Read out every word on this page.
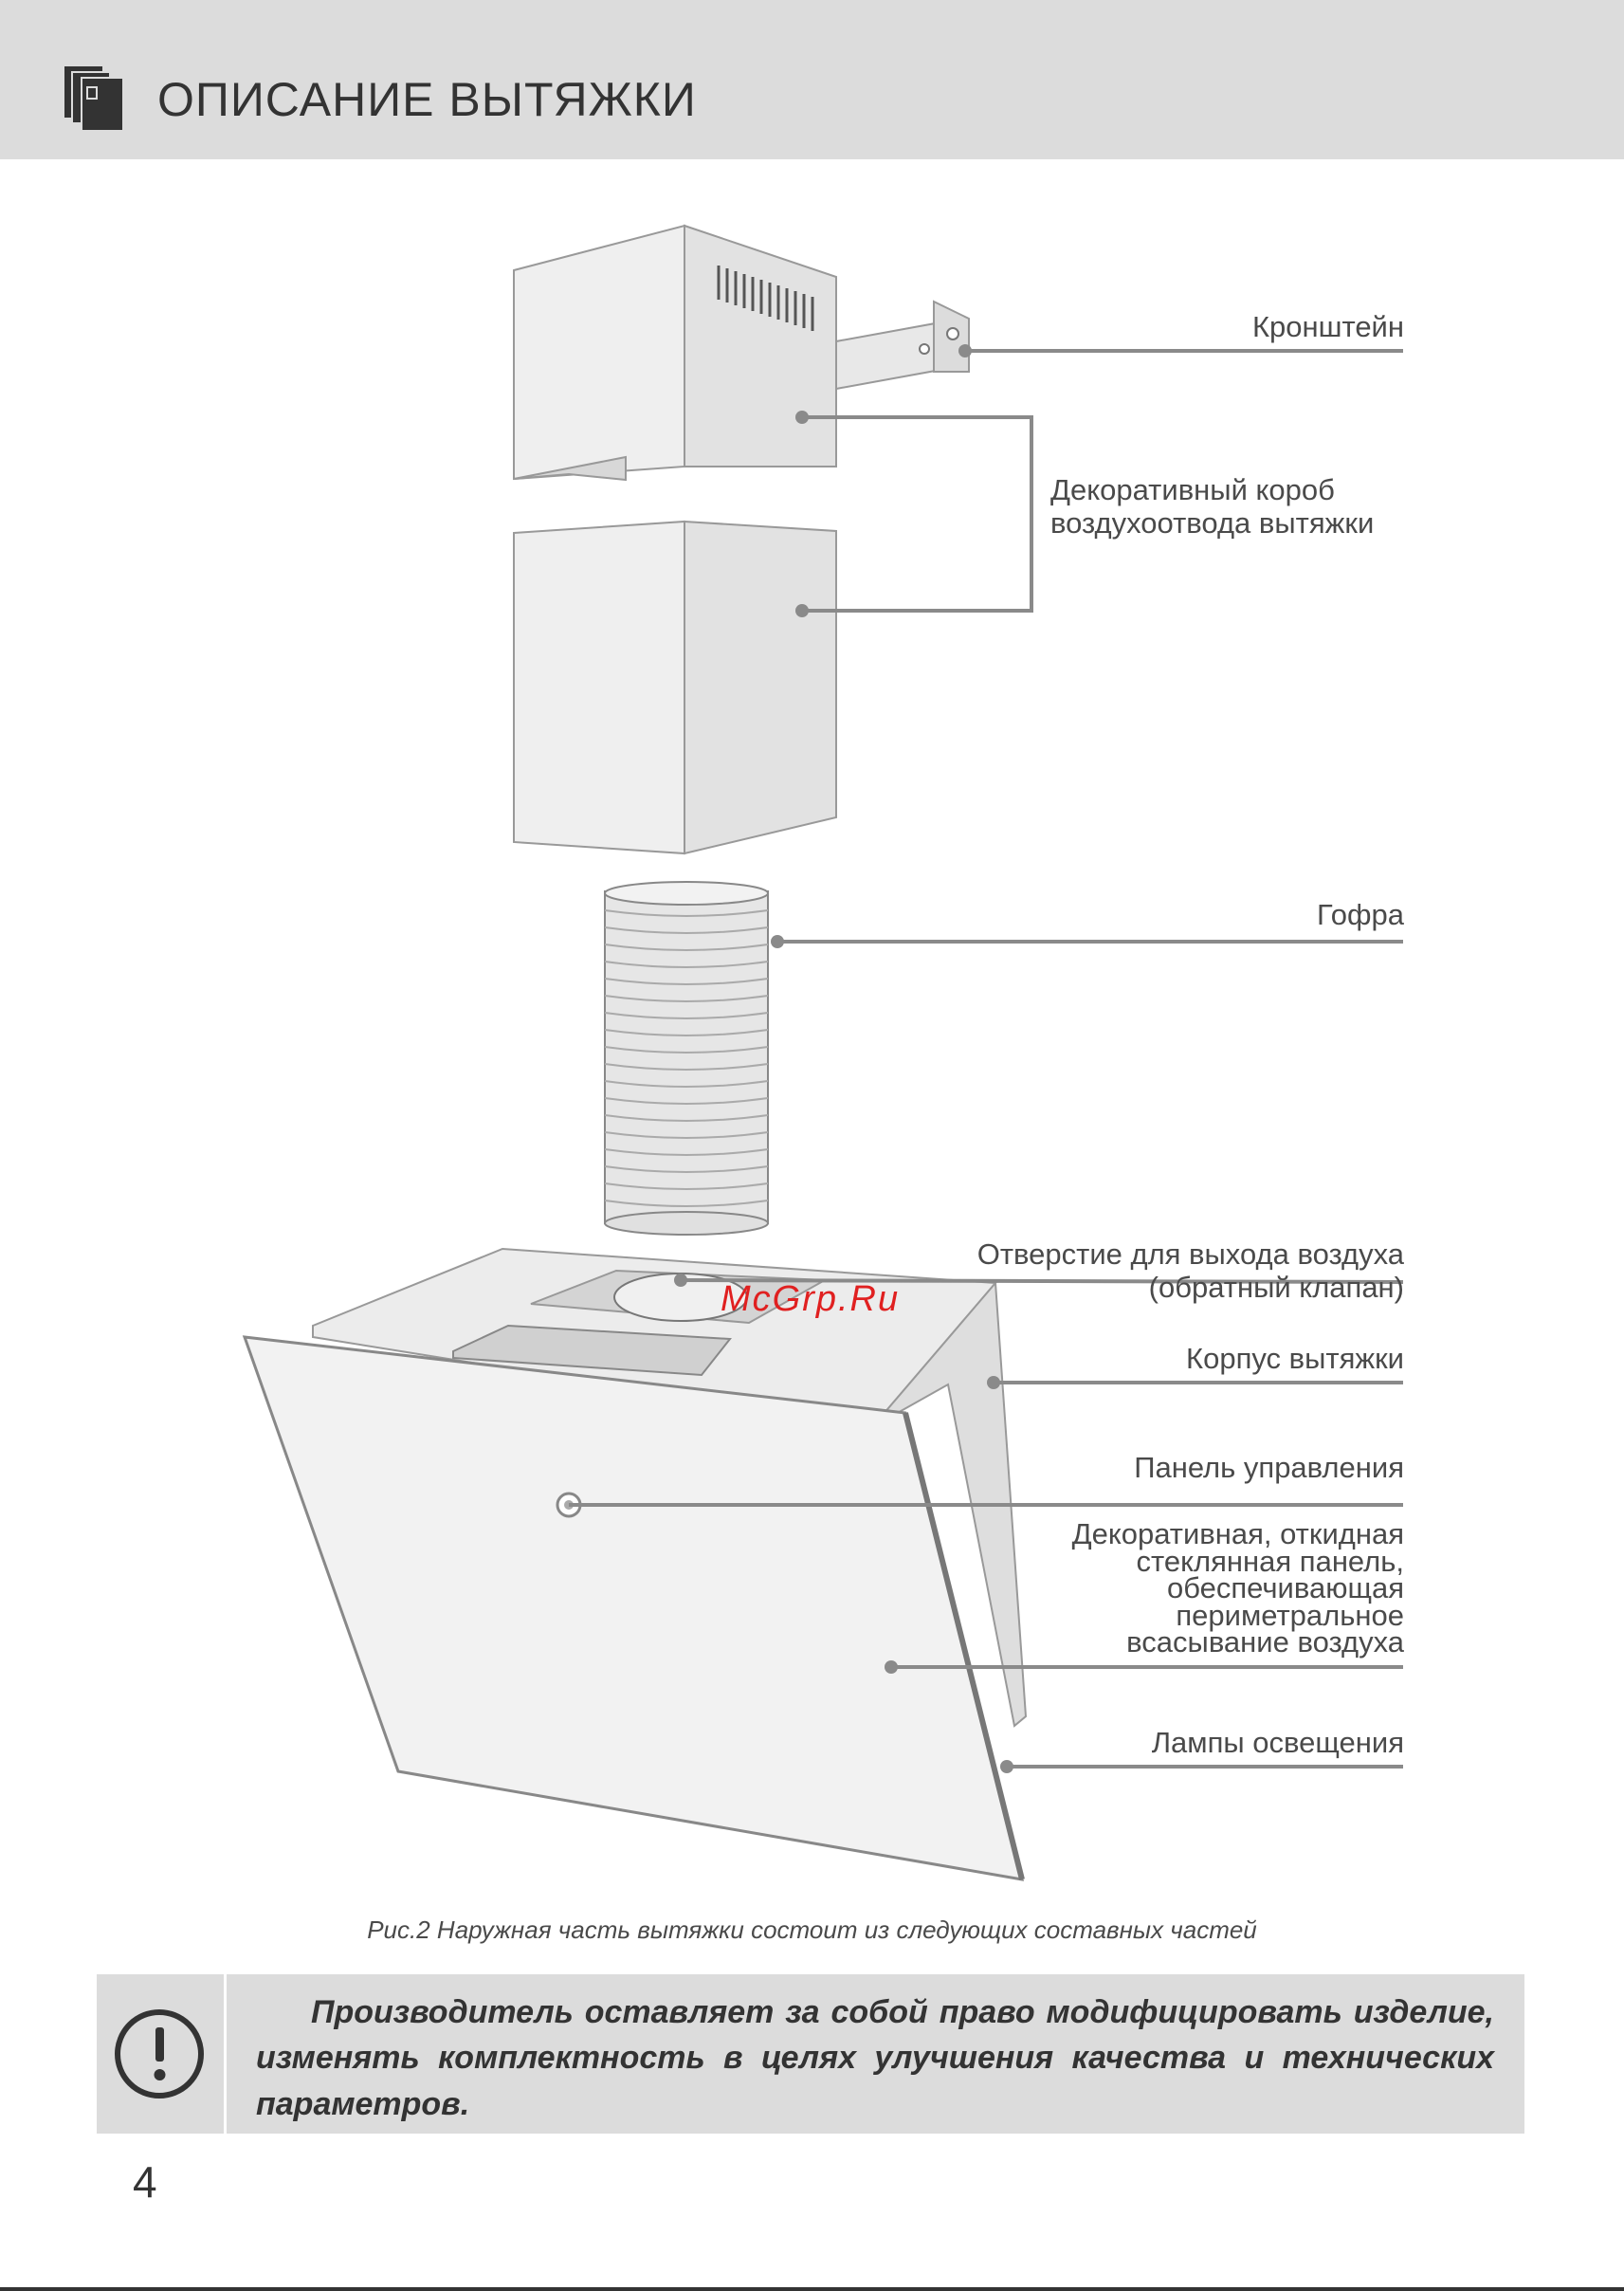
ОПИСАНИЕ ВЫТЯЖКИ
Кронштейн
Декоративный короб
воздухоотвода вытяжки
Гофра
Отверстие для выхода воздуха
(обратный клапан)
Корпус вытяжки
Панель управления
Декоративная, откидная
стеклянная панель,
обеспечивающая
периметральное
всасывание воздуха
Лампы освещения
McGrp.Ru
Рис.2 Наружная часть вытяжки состоит из следующих составных частей
Производитель оставляет за собой право модифицировать изделие, изменять комплектность в целях улучшения качества и технических параметров.
4
